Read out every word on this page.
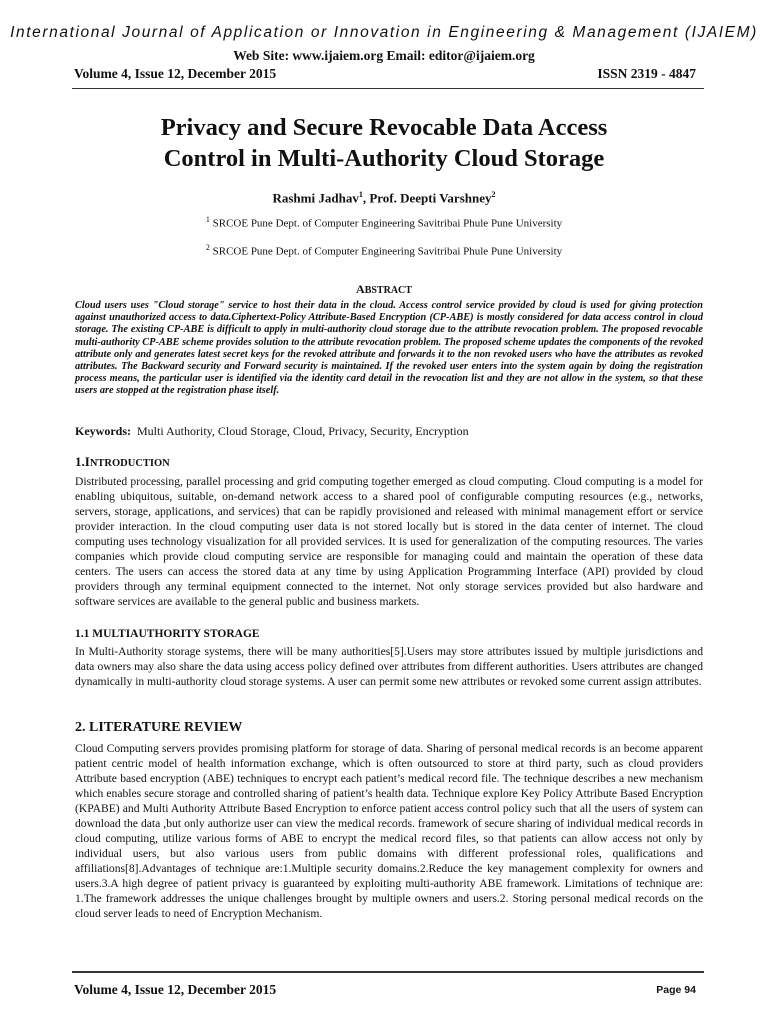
International Journal of Application or Innovation in Engineering & Management (IJAIEM)
Web Site: www.ijaiem.org Email: editor@ijaiem.org
Volume 4, Issue 12, December 2015	ISSN 2319 - 4847
Privacy and Secure Revocable Data Access
Control in Multi-Authority Cloud Storage
Rashmi Jadhav$^1$, Prof. Deepti Varshney$^2$
$^1$ SRCOE Pune Dept. of Computer Engineering Savitribai Phule Pune University
$^2$ SRCOE Pune Dept. of Computer Engineering Savitribai Phule Pune University
ABSTRACT
Cloud users uses "Cloud storage" service to host their data in the cloud. Access control service provided by cloud is used for giving protection against unauthorized access to data.Ciphertext-Policy Attribute-Based Encryption (CP-ABE) is mostly considered for data access control in cloud storage. The existing CP-ABE is difficult to apply in multi-authority cloud storage due to the attribute revocation problem. The proposed revocable multi-authority CP-ABE scheme provides solution to the attribute revocation problem. The proposed scheme updates the components of the revoked attribute only and generates latest secret keys for the revoked attribute and forwards it to the non revoked users who have the attributes as revoked attributes. The Backward security and Forward security is maintained. If the revoked user enters into the system again by doing the registration process means, the particular user is identified via the identity card detail in the revocation list and they are not allow in the system, so that these users are stopped at the registration phase itself.
Keywords: Multi Authority, Cloud Storage, Cloud, Privacy, Security, Encryption
1.INTRODUCTION
Distributed processing, parallel processing and grid computing together emerged as cloud computing. Cloud computing is a model for enabling ubiquitous, suitable, on-demand network access to a shared pool of configurable computing resources (e.g., networks, servers, storage, applications, and services) that can be rapidly provisioned and released with minimal management effort or service provider interaction. In the cloud computing user data is not stored locally but is stored in the data center of internet. The cloud computing uses technology visualization for all provided services. It is used for generalization of the computing resources. The varies companies which provide cloud computing service are responsible for managing could and maintain the operation of these data centers. The users can access the stored data at any time by using Application Programming Interface (API) provided by cloud providers through any terminal equipment connected to the internet. Not only storage services provided but also hardware and software services are available to the general public and business markets.
1.1 MULTIAUTHORITY STORAGE
In Multi-Authority storage systems, there will be many authorities[5].Users may store attributes issued by multiple jurisdictions and data owners may also share the data using access policy defined over attributes from different authorities. Users attributes are changed dynamically in multi-authority cloud storage systems. A user can permit some new attributes or revoked some current assign attributes.
2. LITERATURE REVIEW
Cloud Computing servers provides promising platform for storage of data. Sharing of personal medical records is an become apparent patient centric model of health information exchange, which is often outsourced to store at third party, such as cloud providers Attribute based encryption (ABE) techniques to encrypt each patient’s medical record file. The technique describes a new mechanism which enables secure storage and controlled sharing of patient’s health data. Technique explore Key Policy Attribute Based Encryption (KPABE) and Multi Authority Attribute Based Encryption to enforce patient access control policy such that all the users of system can download the data ,but only authorize user can view the medical records. framework of secure sharing of individual medical records in cloud computing, utilize various forms of ABE to encrypt the medical record files, so that patients can allow access not only by individual users, but also various users from public domains with different professional roles, qualifications and affiliations[8].Advantages of technique are:1.Multiple security domains.2.Reduce the key management complexity for owners and users.3.A high degree of patient privacy is guaranteed by exploiting multi-authority ABE framework. Limitations of technique are: 1.The framework addresses the unique challenges brought by multiple owners and users.2. Storing personal medical records on the cloud server leads to need of Encryption Mechanism.
Volume 4, Issue 12, December 2015	Page 94
